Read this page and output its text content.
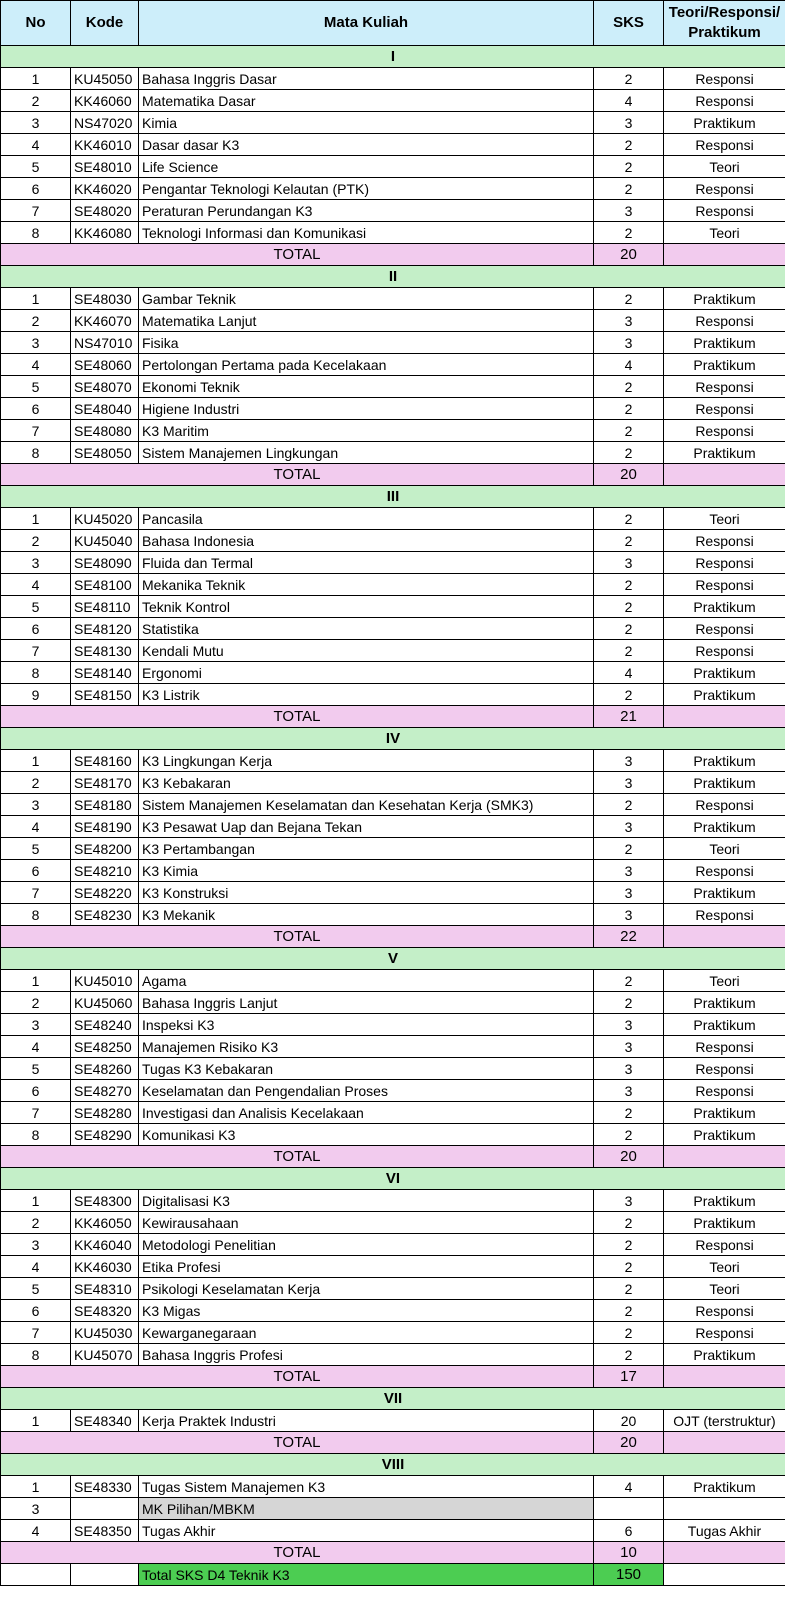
No	Kode	Mata Kuliah	SKS	Teori/Responsi/ Praktikum
I				
1	KU45050	Bahasa Inggris Dasar	2	Responsi
2	KK46060	Matematika Dasar	4	Responsi
3	NS47020	Kimia	3	Praktikum
4	KK46010	Dasar dasar K3	2	Responsi
5	SE48010	Life Science	2	Teori
6	KK46020	Pengantar Teknologi Kelautan (PTK)	2	Responsi
7	SE48020	Peraturan Perundangan K3	3	Responsi
8	KK46080	Teknologi Informasi dan Komunikasi	2	Teori
TOTAL			20	
II				
1	SE48030	Gambar Teknik	2	Praktikum
2	KK46070	Matematika Lanjut	3	Responsi
3	NS47010	Fisika	3	Praktikum
4	SE48060	Pertolongan Pertama pada Kecelakaan	4	Praktikum
5	SE48070	Ekonomi Teknik	2	Responsi
6	SE48040	Higiene Industri	2	Responsi
7	SE48080	K3 Maritim	2	Responsi
8	SE48050	Sistem Manajemen Lingkungan	2	Praktikum
TOTAL			20	
III				
1	KU45020	Pancasila	2	Teori
2	KU45040	Bahasa Indonesia	2	Responsi
3	SE48090	Fluida dan Termal	3	Responsi
4	SE48100	Mekanika Teknik	2	Responsi
5	SE48110	Teknik Kontrol	2	Praktikum
6	SE48120	Statistika	2	Responsi
7	SE48130	Kendali Mutu	2	Responsi
8	SE48140	Ergonomi	4	Praktikum
9	SE48150	K3 Listrik	2	Praktikum
TOTAL			21	
IV				
1	SE48160	K3 Lingkungan Kerja	3	Praktikum
2	SE48170	K3 Kebakaran	3	Praktikum
3	SE48180	Sistem Manajemen Keselamatan dan Kesehatan Kerja (SMK3)	2	Responsi
4	SE48190	K3 Pesawat Uap dan Bejana Tekan	3	Praktikum
5	SE48200	K3 Pertambangan	2	Teori
6	SE48210	K3 Kimia	3	Responsi
7	SE48220	K3 Konstruksi	3	Praktikum
8	SE48230	K3 Mekanik	3	Responsi
TOTAL			22	
V				
1	KU45010	Agama	2	Teori
2	KU45060	Bahasa Inggris Lanjut	2	Praktikum
3	SE48240	Inspeksi K3	3	Praktikum
4	SE48250	Manajemen Risiko K3	3	Responsi
5	SE48260	Tugas K3 Kebakaran	3	Responsi
6	SE48270	Keselamatan dan Pengendalian Proses	3	Responsi
7	SE48280	Investigasi dan Analisis Kecelakaan	2	Praktikum
8	SE48290	Komunikasi K3	2	Praktikum
TOTAL			20	
VI				
1	SE48300	Digitalisasi K3	3	Praktikum
2	KK46050	Kewirausahaan	2	Praktikum
3	KK46040	Metodologi Penelitian	2	Responsi
4	KK46030	Etika Profesi	2	Teori
5	SE48310	Psikologi Keselamatan Kerja	2	Teori
6	SE48320	K3 Migas	2	Responsi
7	KU45030	Kewarganegaraan	2	Responsi
8	KU45070	Bahasa Inggris Profesi	2	Praktikum
TOTAL			17	
VII				
1	SE48340	Kerja Praktek Industri	20	OJT (terstruktur)
TOTAL			20	
VIII				
1	SE48330	Tugas Sistem Manajemen K3	4	Praktikum
3		MK Pilihan/MBKM		
4	SE48350	Tugas Akhir	6	Tugas Akhir
TOTAL			10	
		Total SKS D4 Teknik K3	150	
